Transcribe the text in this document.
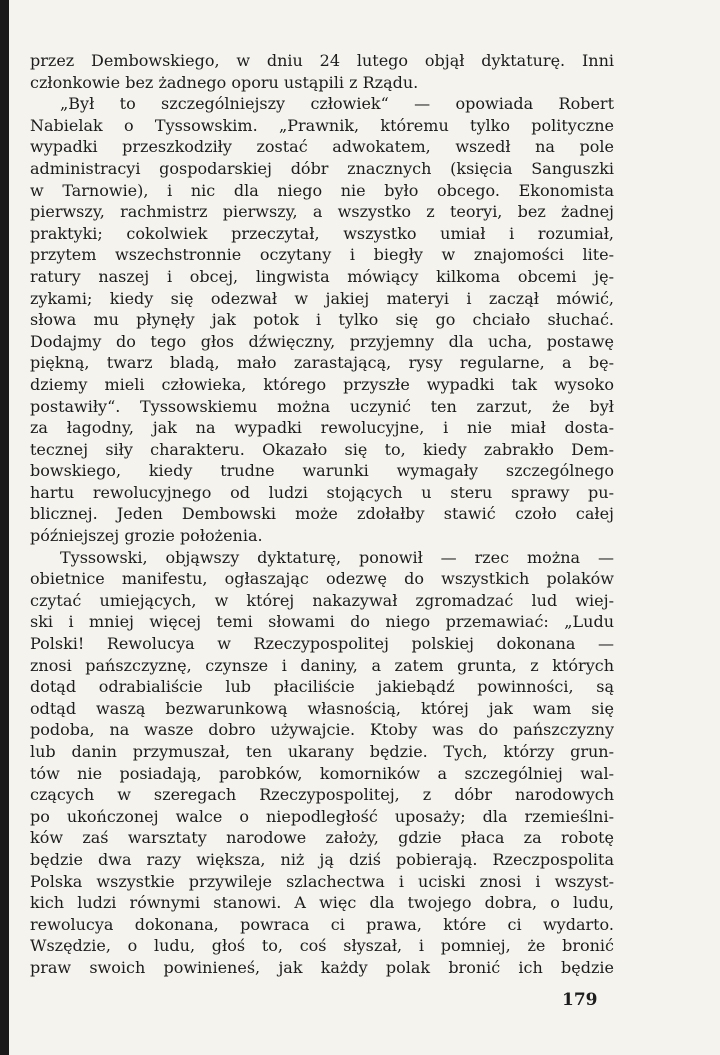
przez Dembowskiego, w dniu 24 lutego objął dyktaturę. Inni
członkowie bez żadnego oporu ustąpili z Rządu.
„Był to szczególniejszy człowiek“ — opowiada Robert
Nabielak o Tyssowskim. „Prawnik, któremu tylko polityczne
wypadki przeszkodziły zostać adwokatem, wszedł na pole
administracyi gospodarskiej dóbr znacznych (księcia Sanguszki
w Tarnowie), i nic dla niego nie było obcego. Ekonomista
pierwszy, rachmistrz pierwszy, a wszystko z teoryi, bez żadnej
praktyki; cokolwiek przeczytał, wszystko umiał i rozumiał,
przytem wszechstronnie oczytany i biegły w znajomości lite-
ratury naszej i obcej, lingwista mówiący kilkoma obcemi ję-
zykami; kiedy się odezwał w jakiej materyi i zaczął mówić,
słowa mu płynęły jak potok i tylko się go chciało słuchać.
Dodajmy do tego głos dźwięczny, przyjemny dla ucha, postawę
piękną, twarz bladą, mało zarastającą, rysy regularne, a bę-
dziemy mieli człowieka, którego przyszłe wypadki tak wysoko
postawiły“. Tyssowskiemu można uczynić ten zarzut, że był
za łagodny, jak na wypadki rewolucyjne, i nie miał dosta-
tecznej siły charakteru. Okazało się to, kiedy zabrakło Dem-
bowskiego, kiedy trudne warunki wymagały szczególnego
hartu rewolucyjnego od ludzi stojących u steru sprawy pu-
blicznej. Jeden Dembowski może zdołałby stawić czoło całej
późniejszej grozie położenia.
Tyssowski, objąwszy dyktaturę, ponowił — rzec można —
obietnice manifestu, ogłaszając odezwę do wszystkich polaków
czytać umiejących, w której nakazywał zgromadzać lud wiej-
ski i mniej więcej temi słowami do niego przemawiać: „Ludu
Polski! Rewolucya w Rzeczypospolitej polskiej dokonana —
znosi pańszczyznę, czynsze i daniny, a zatem grunta, z których
dotąd odrabialiście lub płaciliście jakiebądź powinności, są
odtąd waszą bezwarunkową własnością, której jak wam się
podoba, na wasze dobro używajcie. Ktoby was do pańszczyzny
lub danin przymuszał, ten ukarany będzie. Tych, którzy grun-
tów nie posiadają, parobków, komorników a szczególniej wal-
czących w szeregach Rzeczypospolitej, z dóbr narodowych
po ukończonej walce o niepodległość uposaży; dla rzemieślni-
ków zaś warsztaty narodowe założy, gdzie płaca za robotę
będzie dwa razy większa, niż ją dziś pobierają. Rzeczpospolita
Polska wszystkie przywileje szlachectwa i uciski znosi i wszyst-
kich ludzi równymi stanowi. A więc dla twojego dobra, o ludu,
rewolucya dokonana, powraca ci prawa, które ci wydarto.
Wszędzie, o ludu, głoś to, coś słyszał, i pomniej, że bronić
praw swoich powinieneś, jak każdy polak bronić ich będzie
179
